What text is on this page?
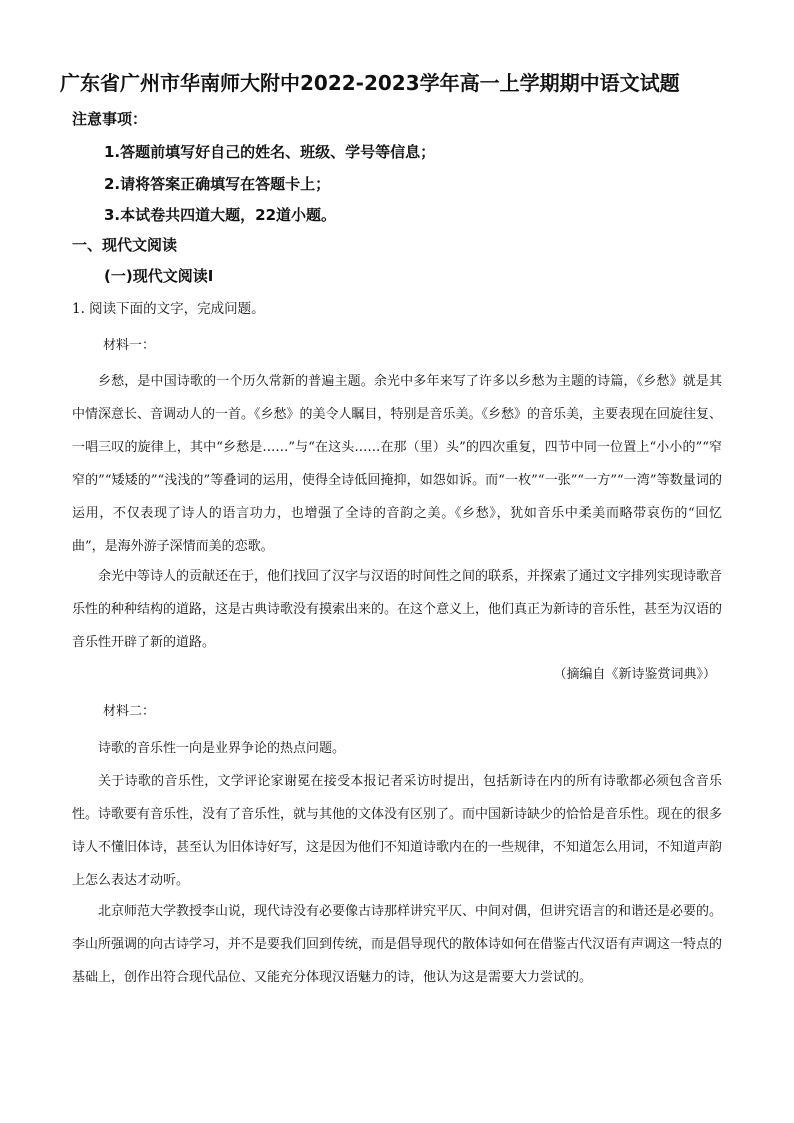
广东省广州市华南师大附中2022-2023学年高一上学期期中语文试题
注意事项：
1.答题前填写好自己的姓名、班级、学号等信息；
2.请将答案正确填写在答题卡上；
3.本试卷共四道大题，22道小题。
一、现代文阅读
(一)现代文阅读Ⅰ
1. 阅读下面的文字，完成问题。
材料一：
乡愁，是中国诗歌的一个历久常新的普遍主题。余光中多年来写了许多以乡愁为主题的诗篇，《乡愁》就是其中情深意长、音调动人的一首。《乡愁》的美令人瞩目，特别是音乐美。《乡愁》的音乐美，主要表现在回旋往复、一唱三叹的旋律上，其中“乡愁是……”与“在这头……在那（里）头”的四次重复，四节中同一位置上“小小的”“窄窄的”“矮矮的”“浅浅的”等叠词的运用，使得全诗低回掩抑，如怨如诉。而“一枚”“一张”“一方”“一湾”等数量词的运用，不仅表现了诗人的语言功力，也增强了全诗的音韵之美。《乡愁》，犹如音乐中柔美而略带哀伤的“回忆曲”，是海外游子深情而美的恋歌。
余光中等诗人的贡献还在于，他们找回了汉字与汉语的时间性之间的联系，并探索了通过文字排列实现诗歌音乐性的种种结构的道路，这是古典诗歌没有摸索出来的。在这个意义上，他们真正为新诗的音乐性，甚至为汉语的音乐性开辟了新的道路。
（摘编自《新诗鉴赏词典》）
材料二：
诗歌的音乐性一向是业界争论的热点问题。
关于诗歌的音乐性，文学评论家谢冕在接受本报记者采访时提出，包括新诗在内的所有诗歌都必须包含音乐性。诗歌要有音乐性，没有了音乐性，就与其他的文体没有区别了。而中国新诗缺少的恰恰是音乐性。现在的很多诗人不懂旧体诗，甚至认为旧体诗好写，这是因为他们不知道诗歌内在的一些规律，不知道怎么用词，不知道声韵上怎么表达才动听。
北京师范大学教授李山说，现代诗没有必要像古诗那样讲究平仄、中间对偶，但讲究语言的和谐还是必要的。李山所强调的向古诗学习，并不是要我们回到传统，而是倡导现代的散体诗如何在借鉴古代汉语有声调这一特点的基础上，创作出符合现代品位、又能充分体现汉语魅力的诗，他认为这是需要大力尝试的。
